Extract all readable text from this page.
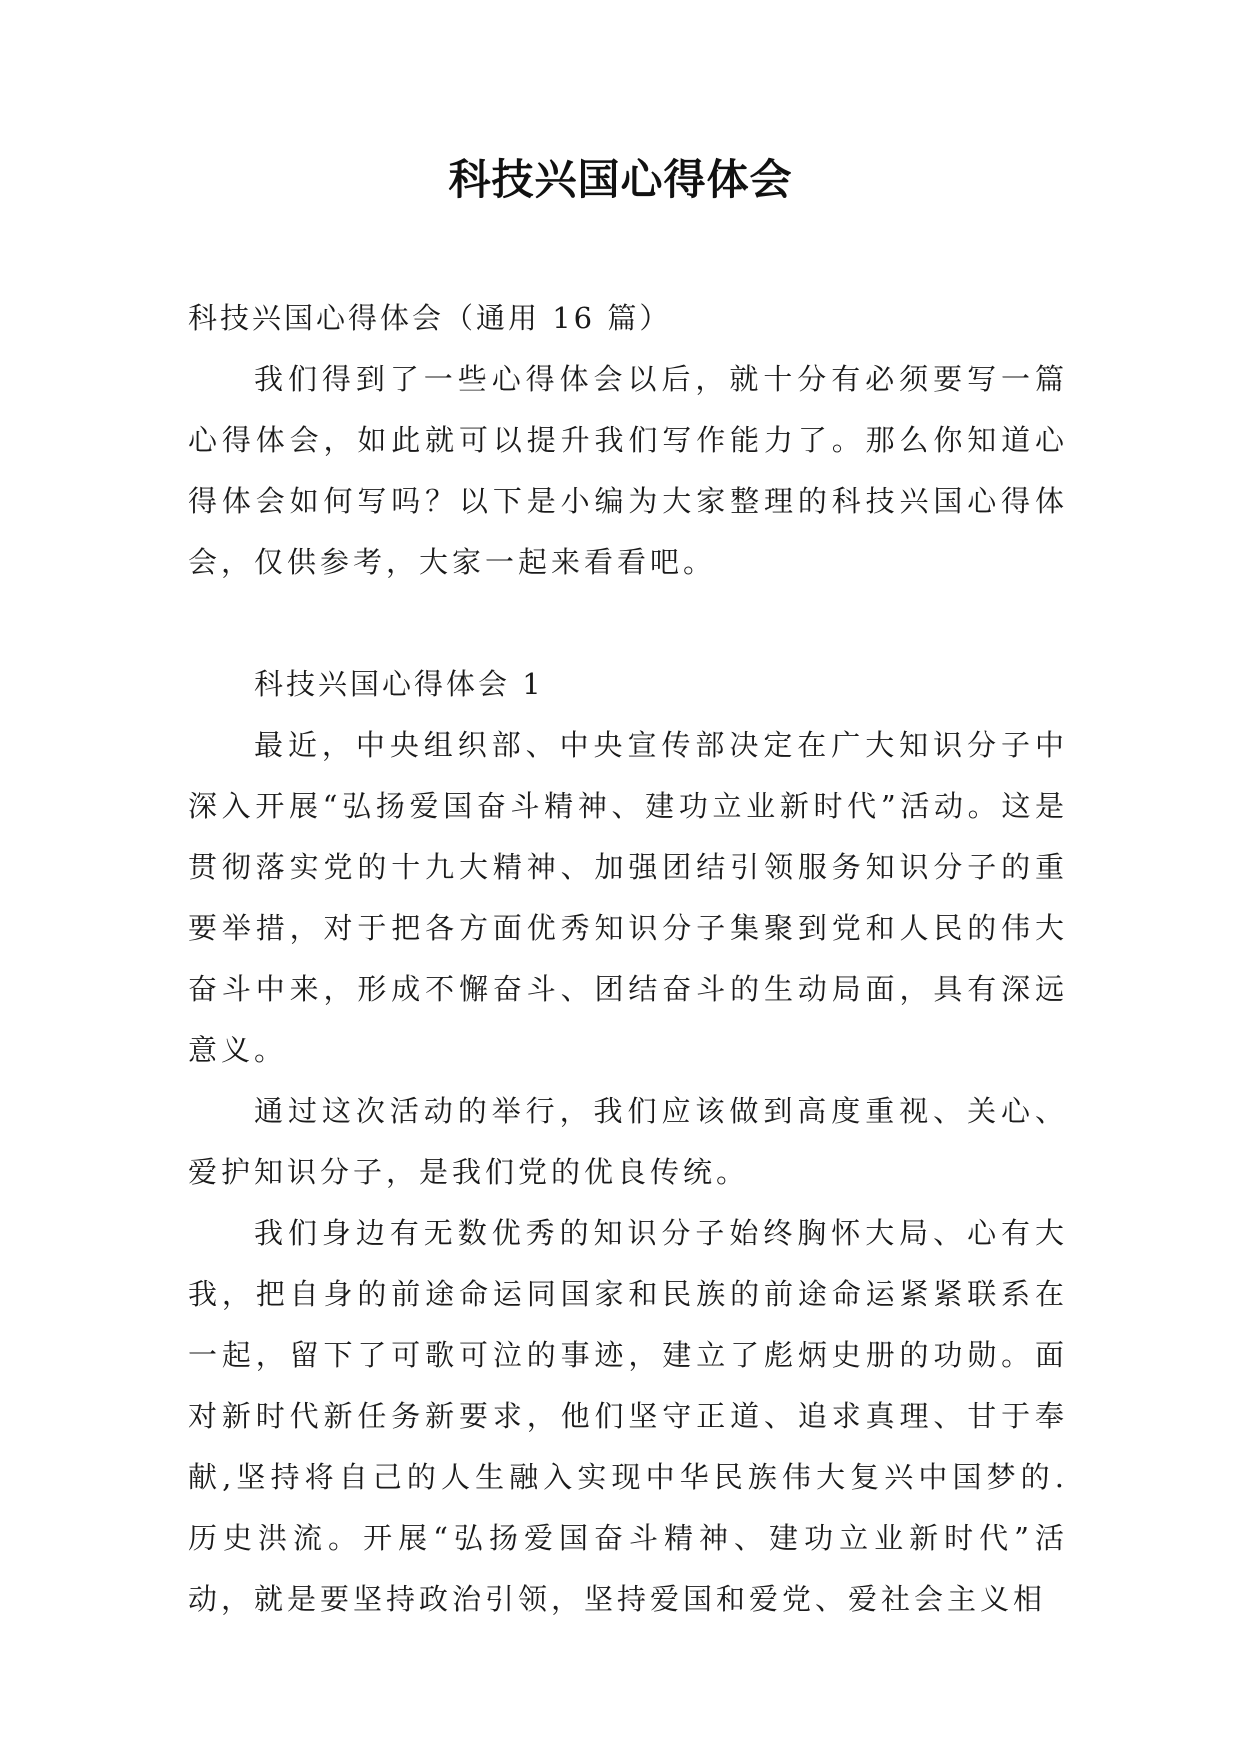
科技兴国心得体会

科技兴国心得体会（通用 16 篇）

我们得到了一些心得体会以后，就十分有必须要写一篇心得体会，如此就可以提升我们写作能力了。那么你知道心得体会如何写吗？以下是小编为大家整理的科技兴国心得体会，仅供参考，大家一起来看看吧。

科技兴国心得体会 1

最近，中央组织部、中央宣传部决定在广大知识分子中深入开展“弘扬爱国奋斗精神、建功立业新时代”活动。这是贯彻落实党的十九大精神、加强团结引领服务知识分子的重要举措，对于把各方面优秀知识分子集聚到党和人民的伟大奋斗中来，形成不懈奋斗、团结奋斗的生动局面，具有深远意义。

通过这次活动的举行，我们应该做到高度重视、关心、爱护知识分子，是我们党的优良传统。

我们身边有无数优秀的知识分子始终胸怀大局、心有大我，把自身的前途命运同国家和民族的前途命运紧紧联系在一起，留下了可歌可泣的事迹，建立了彪炳史册的功勋。面对新时代新任务新要求，他们坚守正道、追求真理、甘于奉献,坚持将自己的人生融入实现中华民族伟大复兴中国梦的.历史洪流。开展“弘扬爱国奋斗精神、建功立业新时代”活动，就是要坚持政治引领，坚持爱国和爱党、爱社会主义相
